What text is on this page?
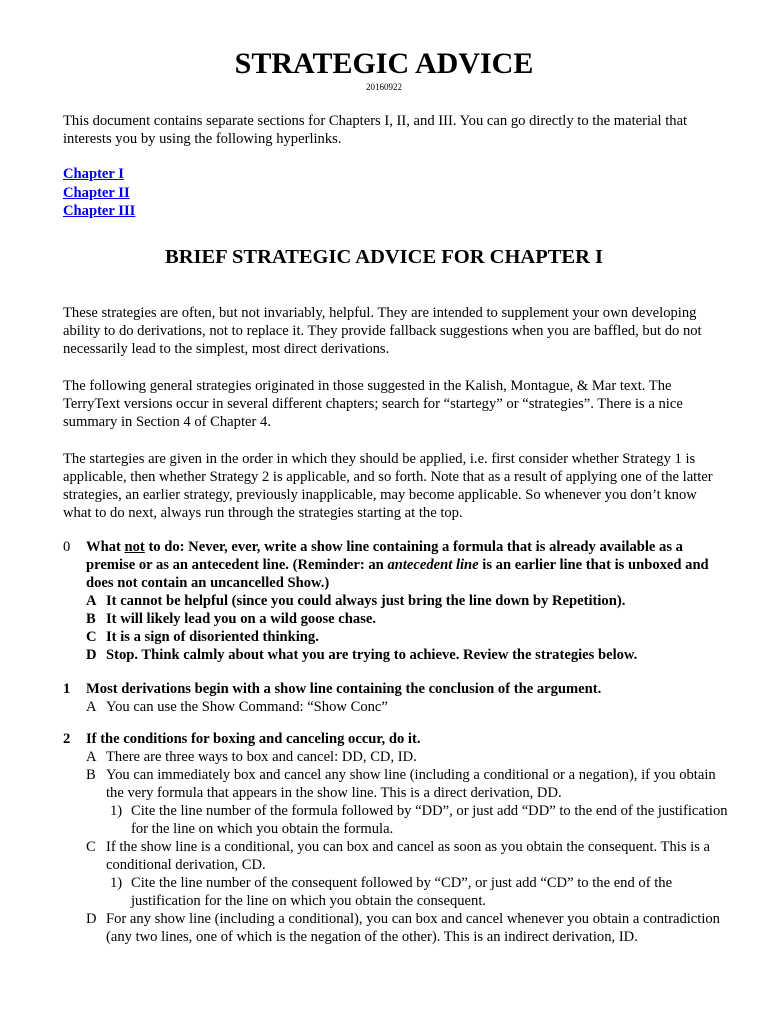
STRATEGIC ADVICE
20160922
This document contains separate sections for Chapters I, II, and III. You can go directly to the material that interests you by using the following hyperlinks.
Chapter I
Chapter II
Chapter III
BRIEF STRATEGIC ADVICE FOR CHAPTER I
These strategies are often, but not invariably, helpful. They are intended to supplement your own developing ability to do derivations, not to replace it. They provide fallback suggestions when you are baffled, but do not necessarily lead to the simplest, most direct derivations.
The following general strategies originated in those suggested in the Kalish, Montague, & Mar text. The TerryText versions occur in several different chapters; search for “startegy” or “strategies”. There is a nice summary in Section 4 of Chapter 4.
The startegies are given in the order in which they should be applied, i.e. first consider whether Strategy 1 is applicable, then whether Strategy 2 is applicable, and so forth. Note that as a result of applying one of the latter strategies, an earlier strategy, previously inapplicable, may become applicable. So whenever you don’t know what to do next, always run through the strategies starting at the top.
0	What not to do: Never, ever, write a show line containing a formula that is already available as a premise or as an antecedent line. (Reminder: an antecedent line is an earlier line that is unboxed and does not contain an uncancelled Show.)
A It cannot be helpful (since you could always just bring the line down by Repetition).
B It will likely lead you on a wild goose chase.
C It is a sign of disoriented thinking.
D Stop. Think calmly about what you are trying to achieve. Review the strategies below.
1	Most derivations begin with a show line containing the conclusion of the argument.
A You can use the Show Command: “Show Conc”
2	If the conditions for boxing and canceling occur, do it.
A There are three ways to box and cancel: DD, CD, ID.
B You can immediately box and cancel any show line (including a conditional or a negation), if you obtain the very formula that appears in the show line. This is a direct derivation, DD.
1) Cite the line number of the formula followed by “DD”, or just add “DD” to the end of the justification for the line on which you obtain the formula.
C If the show line is a conditional, you can box and cancel as soon as you obtain the consequent. This is a conditional derivation, CD.
1) Cite the line number of the consequent followed by “CD”, or just add “CD” to the end of the justification for the line on which you obtain the consequent.
D For any show line (including a conditional), you can box and cancel whenever you obtain a contradiction (any two lines, one of which is the negation of the other). This is an indirect derivation, ID.
